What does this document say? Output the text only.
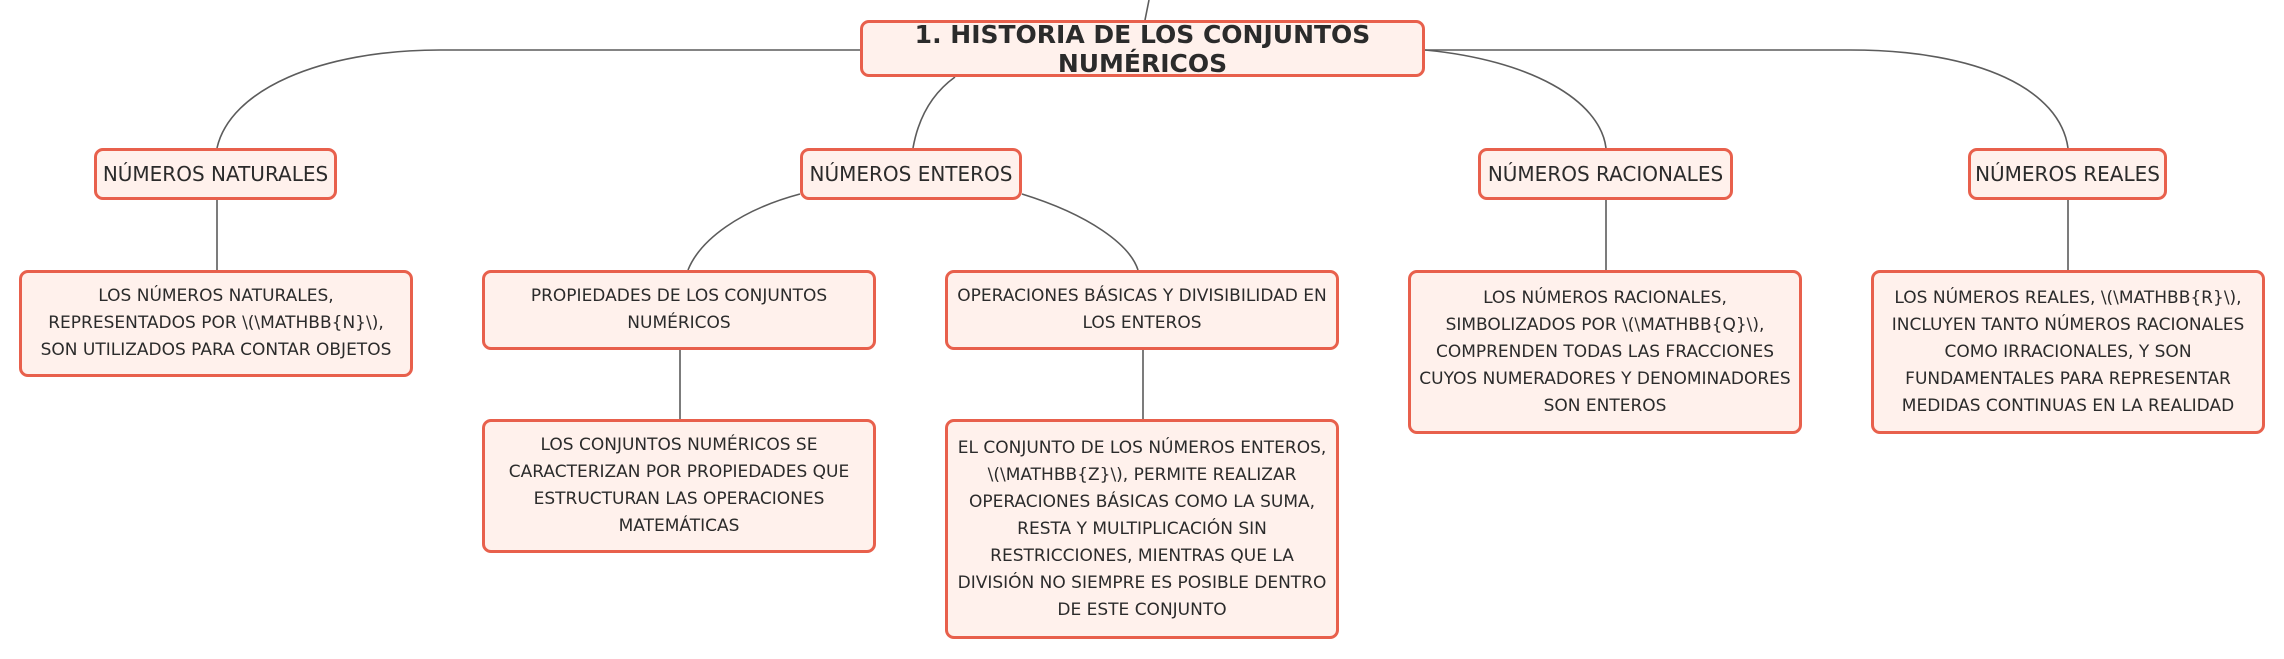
1. HISTORIA DE LOS CONJUNTOS NUMÉRICOS
NÚMEROS NATURALES	NÚMEROS ENTEROS	NÚMEROS RACIONALES	NÚMEROS REALES
LOS NÚMEROS NATURALES, REPRESENTADOS POR \(\MATHBB{N}\), SON UTILIZADOS PARA CONTAR OBJETOS
PROPIEDADES DE LOS CONJUNTOS NUMÉRICOS
OPERACIONES BÁSICAS Y DIVISIBILIDAD EN LOS ENTEROS
LOS NÚMEROS RACIONALES, SIMBOLIZADOS POR \(\MATHBB{Q}\), COMPRENDEN TODAS LAS FRACCIONES CUYOS NUMERADORES Y DENOMINADORES SON ENTEROS
LOS NÚMEROS REALES, \(\MATHBB{R}\), INCLUYEN TANTO NÚMEROS RACIONALES COMO IRRACIONALES, Y SON FUNDAMENTALES PARA REPRESENTAR MEDIDAS CONTINUAS EN LA REALIDAD
LOS CONJUNTOS NUMÉRICOS SE CARACTERIZAN POR PROPIEDADES QUE ESTRUCTURAN LAS OPERACIONES MATEMÁTICAS
EL CONJUNTO DE LOS NÚMEROS ENTEROS, \(\MATHBB{Z}\), PERMITE REALIZAR OPERACIONES BÁSICAS COMO LA SUMA, RESTA Y MULTIPLICACIÓN SIN RESTRICCIONES, MIENTRAS QUE LA DIVISIÓN NO SIEMPRE ES POSIBLE DENTRO DE ESTE CONJUNTO
